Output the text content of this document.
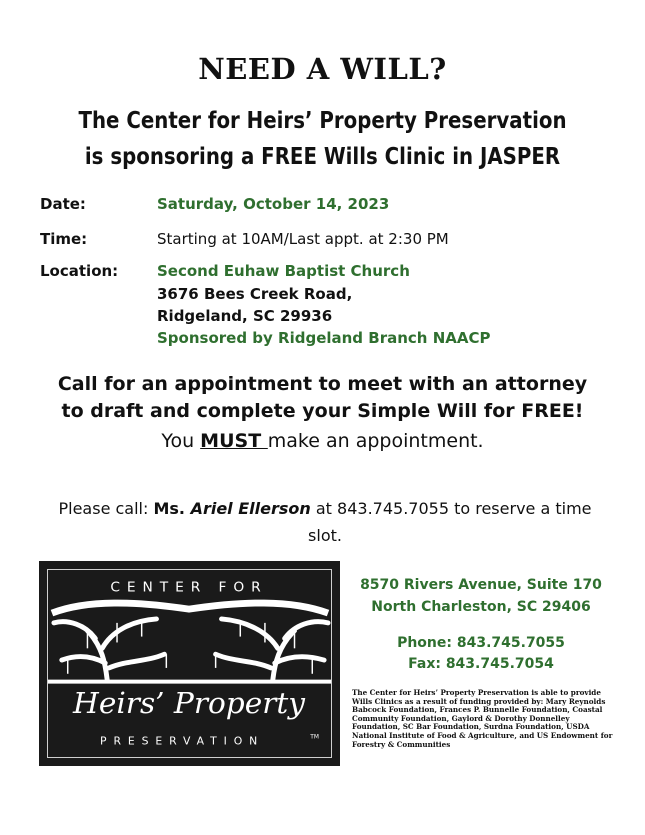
NEED A WILL?
The Center for Heirs’ Property Preservation
is sponsoring a FREE Wills Clinic in JASPER
Date:	Saturday, October 14, 2023
Time:	Starting at 10AM/Last appt. at 2:30 PM
Location:	Second Euhaw Baptist Church
3676 Bees Creek Road,
Ridgeland, SC 29936
Sponsored by Ridgeland Branch NAACP
Call for an appointment to meet with an attorney
to draft and complete your Simple Will for FREE!
You MUST make an appointment.
Please call: Ms. Ariel Ellerson at 843.745.7055 to reserve a time slot.
CENTER FOR
Heirs’ Property
PRESERVATION	TM
8570 Rivers Avenue, Suite 170
North Charleston, SC 29406
Phone: 843.745.7055
Fax: 843.745.7054
The Center for Heirs’ Property Preservation is able to provide Wills Clinics as a result of funding provided by: Mary Reynolds Babcock Foundation, Frances P. Bunnelle Foundation, Coastal Community Foundation, Gaylord & Dorothy Donnelley Foundation, SC Bar Foundation, Surdna Foundation, USDA National Institute of Food & Agriculture, and US Endowment for Forestry & Communities
